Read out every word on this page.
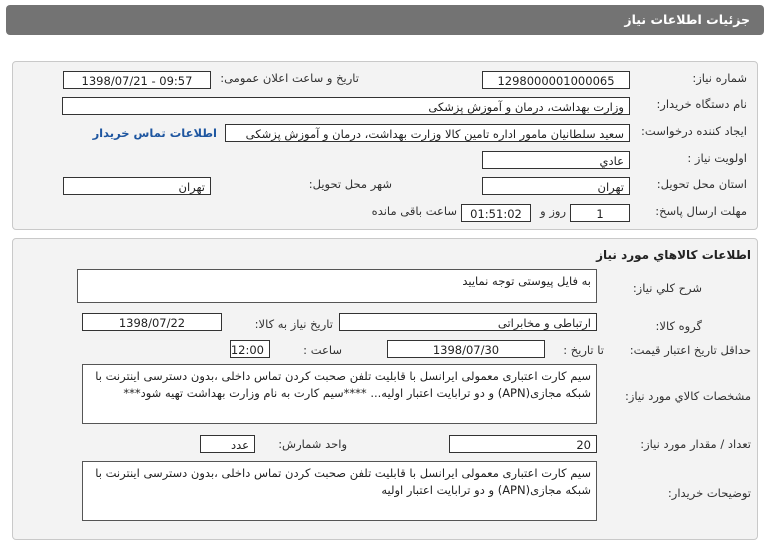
جزئیات اطلاعات نیاز
شماره نیاز:
1298000001000065
تاریخ و ساعت اعلان عمومی:
1398/07/21 - 09:57
نام دستگاه خریدار:
وزارت بهداشت، درمان و آموزش پزشکی
ایجاد کننده درخواست:
سعید سلطانیان مامور اداره تامین کالا وزارت بهداشت، درمان و آموزش پزشکی
اطلاعات تماس خریدار
اولویت نیاز :
عادي
استان محل تحویل:
تهران
شهر محل تحویل:
تهران
مهلت ارسال پاسخ:
1
روز و
01:51:02
ساعت باقی مانده
اطلاعات کالاهاي مورد نياز
شرح کلي نياز:
به فایل پیوستی توجه نمایید
گروه کالا:
ارتباطی و مخابراتی
تاریخ نیاز به کالا:
1398/07/22
حداقل تاریخ اعتبار قیمت:
تا تاریخ :
1398/07/30
ساعت :
12:00
مشخصات کالاي مورد نياز:
سیم کارت اعتباری معمولی ایرانسل با قابلیت تلفن صحبت کردن تماس داخلی ،بدون دسترسی اینترنت با شبکه مجازی(APN) و دو ترابایت اعتبار اولیه... ****سیم کارت به نام وزارت بهداشت تهیه شود***
تعداد / مقدار مورد نياز:
20
واحد شمارش:
عدد
توضیحات خریدار:
سیم کارت اعتباری معمولی ایرانسل با قابلیت تلفن صحبت کردن تماس داخلی ،بدون دسترسی اینترنت با شبکه مجازی(APN) و دو ترابایت اعتبار اولیه
